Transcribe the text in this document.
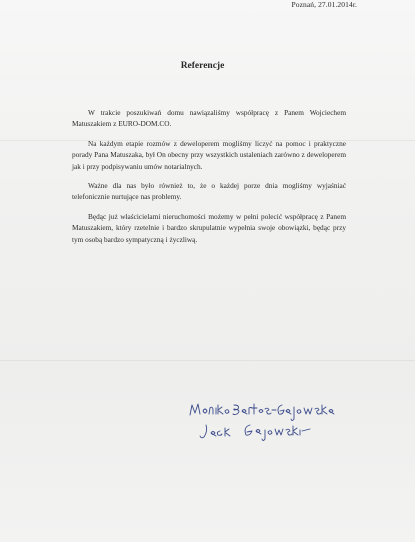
Poznań, 27.01.2014r.
Referencje

W trakcie poszukiwań domu nawiązaliśmy współpracę z Panem Wojciechem Matuszakiem z EURO-DOM.CO.

Na każdym etapie rozmów z deweloperem mogliśmy liczyć na pomoc i praktyczne porady Pana Matuszaka, był On obecny przy wszystkich ustaleniach zarówno z deweloperem jak i przy podpisywaniu umów notarialnych.

Ważne dla nas było również to, że o każdej porze dnia mogliśmy wyjaśniać telefonicznie nurtujące nas problemy.

Będąc już właścicielami nieruchomości możemy w pełni polecić współpracę z Panem Matuszakiem, który rzetelnie i bardzo skrupulatnie wypełnia swoje obowiązki, będąc przy tym osobą bardzo sympatyczną i życzliwą.
